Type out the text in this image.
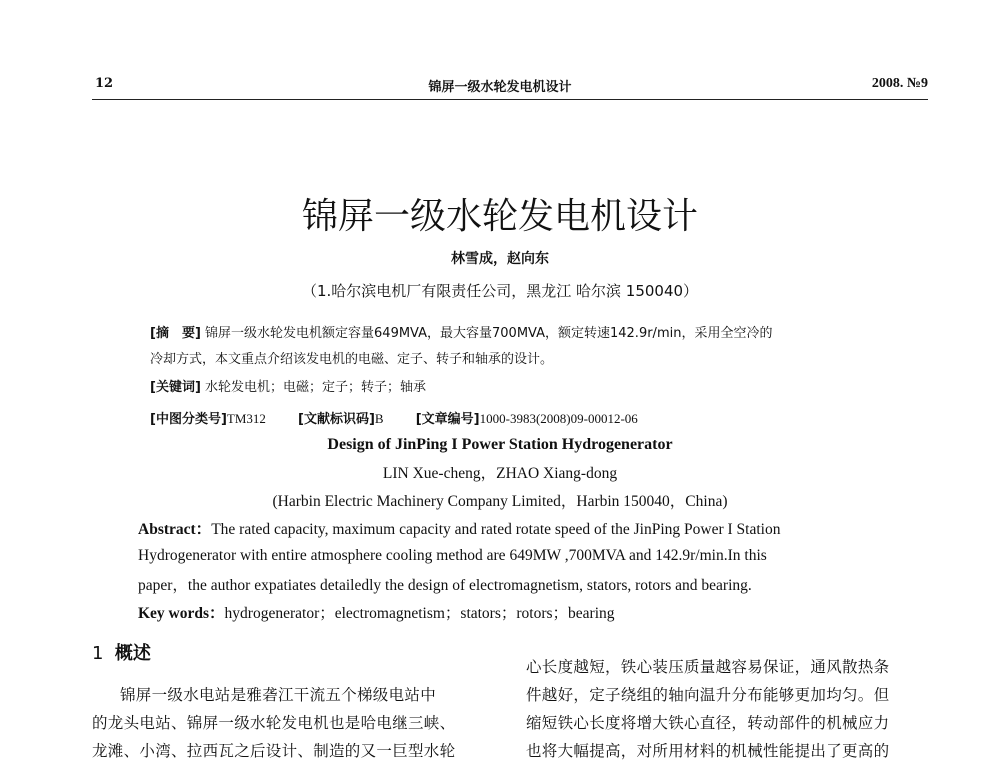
12	锦屏一级水轮发电机设计	2008. №9
锦屏一级水轮发电机设计
林雪成，赵向东
（1.哈尔滨电机厂有限责任公司，黑龙江 哈尔滨 150040）
[摘　要] 锦屏一级水轮发电机额定容量649MVA，最大容量700MVA，额定转速142.9r/min，采用全空冷的
冷却方式，本文重点介绍该发电机的电磁、定子、转子和轴承的设计。
[关键词] 水轮发电机；电磁；定子；转子；轴承
[中图分类号]TM312 [文献标识码]B [文章编号]1000-3983(2008)09-00012-06
Design of JinPing I Power Station Hydrogenerator
LIN Xue-cheng，ZHAO Xiang-dong
(Harbin Electric Machinery Company Limited，Harbin 150040，China)
Abstract：The rated capacity, maximum capacity and rated rotate speed of the JinPing Power I Station
Hydrogenerator with entire atmosphere cooling method are 649MW ,700MVA and 142.9r/min.In this
paper，the author expatiates detailedly the design of electromagnetism, stators, rotors and bearing.
Key words：hydrogenerator；electromagnetism；stators；rotors；bearing
1 概述
锦屏一级水电站是雅砻江干流五个梯级电站中
的龙头电站、锦屏一级水轮发电机也是哈电继三峡、
龙滩、小湾、拉西瓦之后设计、制造的又一巨型水轮
心长度越短，铁心装压质量越容易保证，通风散热条
件越好，定子绕组的轴向温升分布能够更加均匀。但
缩短铁心长度将增大铁心直径，转动部件的机械应力
也将大幅提高，对所用材料的机械性能提出了更高的
